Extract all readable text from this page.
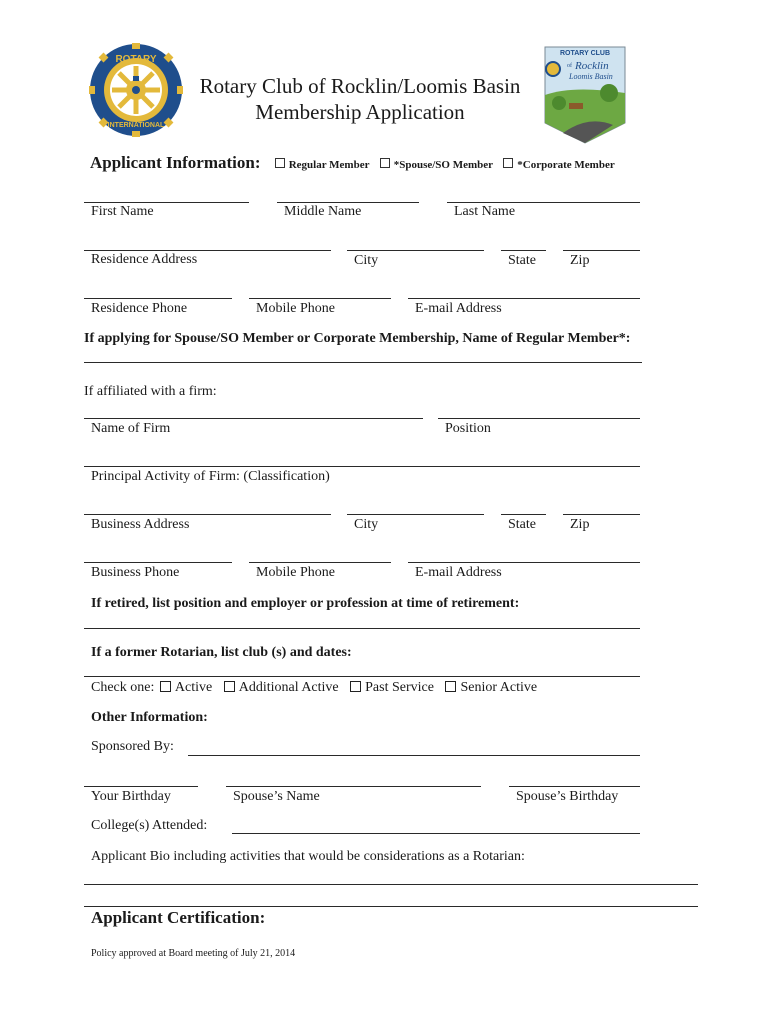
ROTARY
INTERNATIONAL
Rotary Club of Rocklin/Loomis Basin
Membership Application
ROTARY CLUB
of Rocklin
Loomis Basin
Applicant Information:	Regular Member *Spouse/SO Member *Corporate Member
First Name	Middle Name	Last Name
Residence Address	City	State Zip
Residence Phone	Mobile Phone	E-mail Address
If applying for Spouse/SO Member or Corporate Membership, Name of Regular Member*:
If affiliated with a firm:
Name of Firm	Position
Principal Activity of Firm: (Classification)
Business Address	City	State Zip
Business Phone	Mobile Phone	E-mail Address
If retired, list position and employer or profession at time of retirement:
If a former Rotarian, list club (s) and dates:
Check one: Active Additional Active Past Service Senior Active
Other Information:
Sponsored By:
Your Birthday	Spouse’s Name	Spouse’s Birthday
College(s) Attended:
Applicant Bio including activities that would be considerations as a Rotarian:
Applicant Certification:
Policy approved at Board meeting of July 21, 2014
